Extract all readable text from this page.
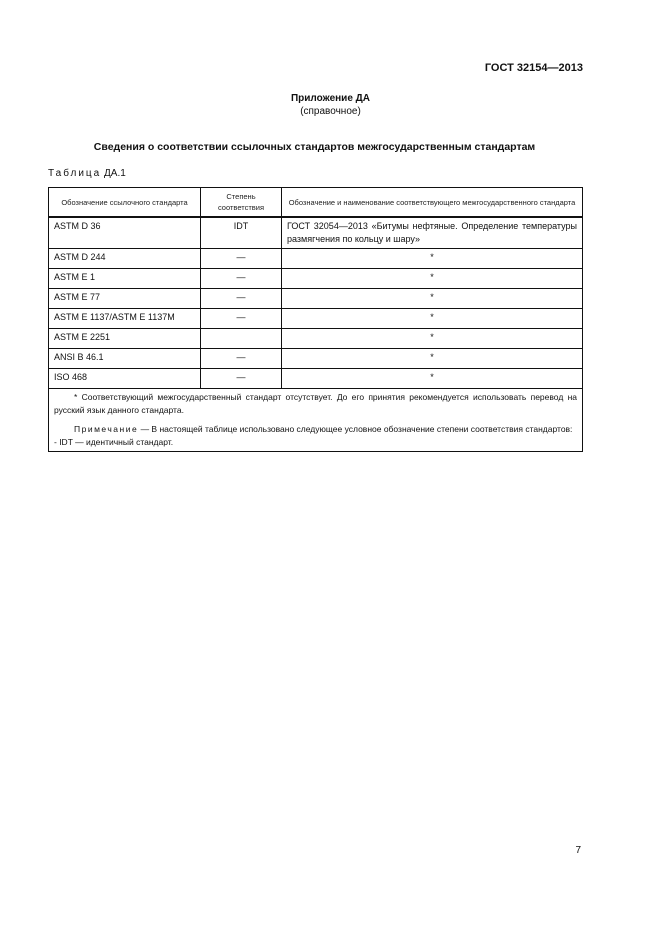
ГОСТ 32154—2013
Приложение ДА
(справочное)
Сведения о соответствии ссылочных стандартов межгосударственным стандартам
Таблица ДА.1
Обозначение ссылочного стандарта	Степень соответствия	Обозначение и наименование соответствующего межгосударственного стандарта
ASTM D 36	IDT	ГОСТ 32054—2013 «Битумы нефтяные. Определение температуры размягчения по кольцу и шару»
ASTM D 244	—	*
ASTM E 1	—	*
ASTM E 77	—	*
ASTM E 1137/ASTM E 1137M	—	*
ASTM E 2251		*
ANSI B 46.1	—	*
ISO 468	—	*

* Соответствующий межгосударственный стандарт отсутствует. До его принятия рекомендуется использовать перевод на русский язык данного стандарта.

Примечание — В настоящей таблице использовано следующее условное обозначение степени соответствия стандартов:

- IDT — идентичный стандарт.		

7
